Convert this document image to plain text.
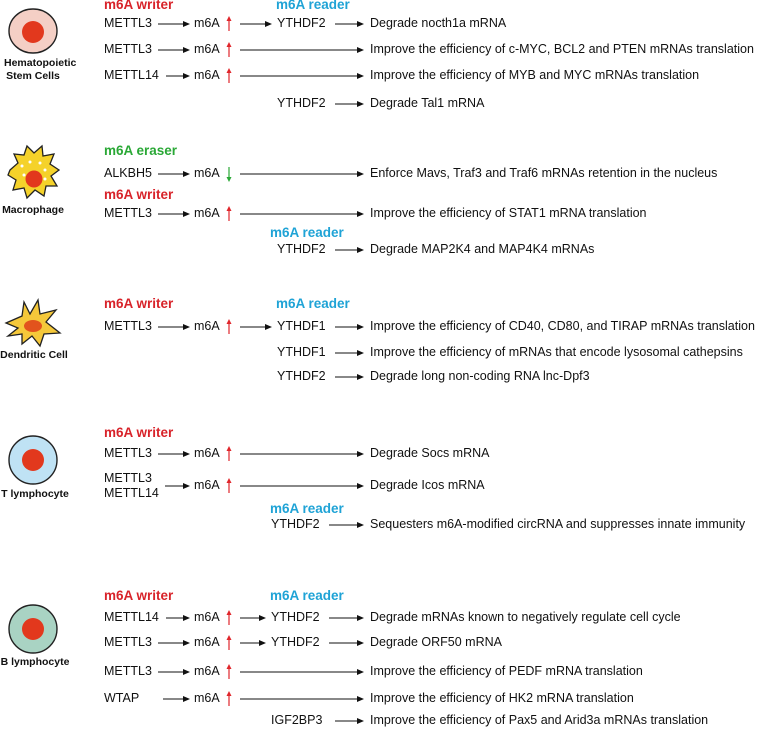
m6A writer	m6A reader
m6A eraser
m6A writer
m6A reader
m6A writer	m6A reader
m6A writer
m6A reader
m6A writer	m6A reader
Hematopoietic Stem Cells
Macrophage
Dendritic Cell
T lymphocyte
B lymphocyte
METTL3	m6A	YTHDF2	Degrade nocth1a mRNA
METTL3	m6A	Improve the efficiency of c-MYC, BCL2 and PTEN mRNAs translation
METTL14	m6A	Improve the efficiency of MYB and MYC mRNAs translation
YTHDF2	Degrade Tal1 mRNA
ALKBH5	m6A	Enforce Mavs, Traf3 and Traf6 mRNAs retention in the nucleus
METTL3	m6A	Improve the efficiency of STAT1 mRNA translation
YTHDF2	Degrade MAP2K4 and MAP4K4 mRNAs
METTL3	m6A	YTHDF1	Improve the efficiency of CD40, CD80, and TIRAP mRNAs translation
YTHDF1	Improve the efficiency of mRNAs that encode lysosomal cathepsins
YTHDF2	Degrade long non-coding RNA lnc-Dpf3
METTL3	m6A	Degrade Socs mRNA
METTL3
METTL14
m6A	Degrade Icos mRNA
YTHDF2	Sequesters m6A-modified circRNA and suppresses innate immunity
METTL14	m6A	YTHDF2	Degrade mRNAs known to negatively regulate cell cycle
METTL3	m6A	YTHDF2	Degrade ORF50 mRNA
METTL3	m6A	Improve the efficiency of PEDF mRNA translation
WTAP	m6A	Improve the efficiency of HK2 mRNA translation
IGF2BP3	Improve the efficiency of Pax5 and Arid3a mRNAs translation
